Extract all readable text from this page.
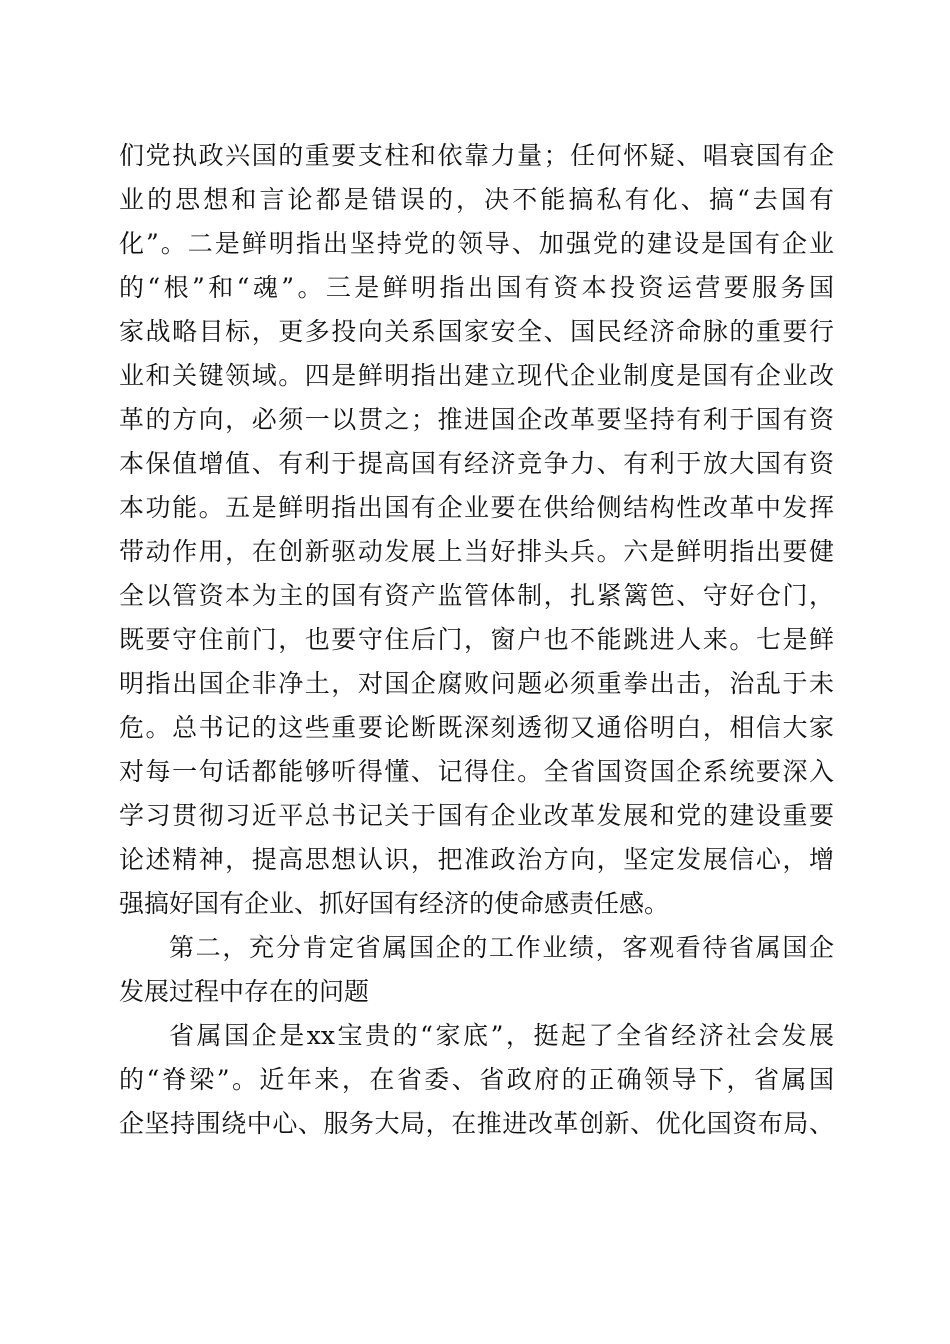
们党执政兴国的重要支柱和依靠力量；任何怀疑、唱衰国有企
业的思想和言论都是错误的，决不能搞私有化、搞“去国有
化”。二是鲜明指出坚持党的领导、加强党的建设是国有企业
的“根”和“魂”。三是鲜明指出国有资本投资运营要服务国
家战略目标，更多投向关系国家安全、国民经济命脉的重要行
业和关键领域。四是鲜明指出建立现代企业制度是国有企业改
革的方向，必须一以贯之；推进国企改革要坚持有利于国有资
本保值增值、有利于提高国有经济竞争力、有利于放大国有资
本功能。五是鲜明指出国有企业要在供给侧结构性改革中发挥
带动作用，在创新驱动发展上当好排头兵。六是鲜明指出要健
全以管资本为主的国有资产监管体制，扎紧篱笆、守好仓门，
既要守住前门，也要守住后门，窗户也不能跳进人来。七是鲜
明指出国企非净土，对国企腐败问题必须重拳出击，治乱于未
危。总书记的这些重要论断既深刻透彻又通俗明白，相信大家
对每一句话都能够听得懂、记得住。全省国资国企系统要深入
学习贯彻习近平总书记关于国有企业改革发展和党的建设重要
论述精神，提高思想认识，把准政治方向，坚定发展信心，增
强搞好国有企业、抓好国有经济的使命感责任感。
第二，充分肯定省属国企的工作业绩，客观看待省属国企
发展过程中存在的问题
省属国企是xx宝贵的“家底”，挺起了全省经济社会发展
的“脊梁”。近年来，在省委、省政府的正确领导下，省属国
企坚持围绕中心、服务大局，在推进改革创新、优化国资布局、
